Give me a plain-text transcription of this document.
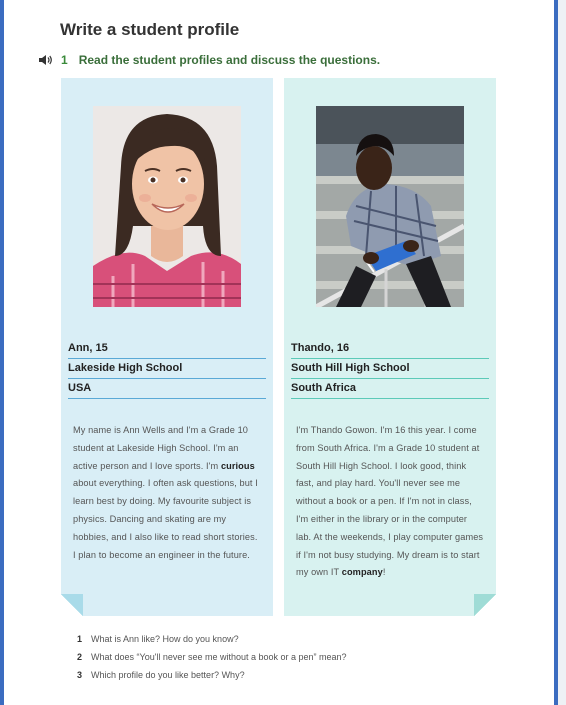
Write a student profile
1 Read the student profiles and discuss the questions.
Ann, 15
Lakeside High School
USA
My name is Ann Wells and I'm a Grade 10 student at Lakeside High School. I'm an active person and I love sports. I'm curious about everything. I often ask questions, but I learn best by doing. My favourite subject is physics. Dancing and skating are my hobbies, and I also like to read short stories. I plan to become an engineer in the future.
Thando, 16
South Hill High School
South Africa
I'm Thando Gowon. I'm 16 this year. I come from South Africa. I'm a Grade 10 student at South Hill High School. I look good, think fast, and play hard. You'll never see me without a book or a pen. If I'm not in class, I'm either in the library or in the computer lab. At the weekends, I play computer games if I'm not busy studying. My dream is to start my own IT company!
1 What is Ann like? How do you know?
2 What does “You'll never see me without a book or a pen” mean?
3 Which profile do you like better? Why?
